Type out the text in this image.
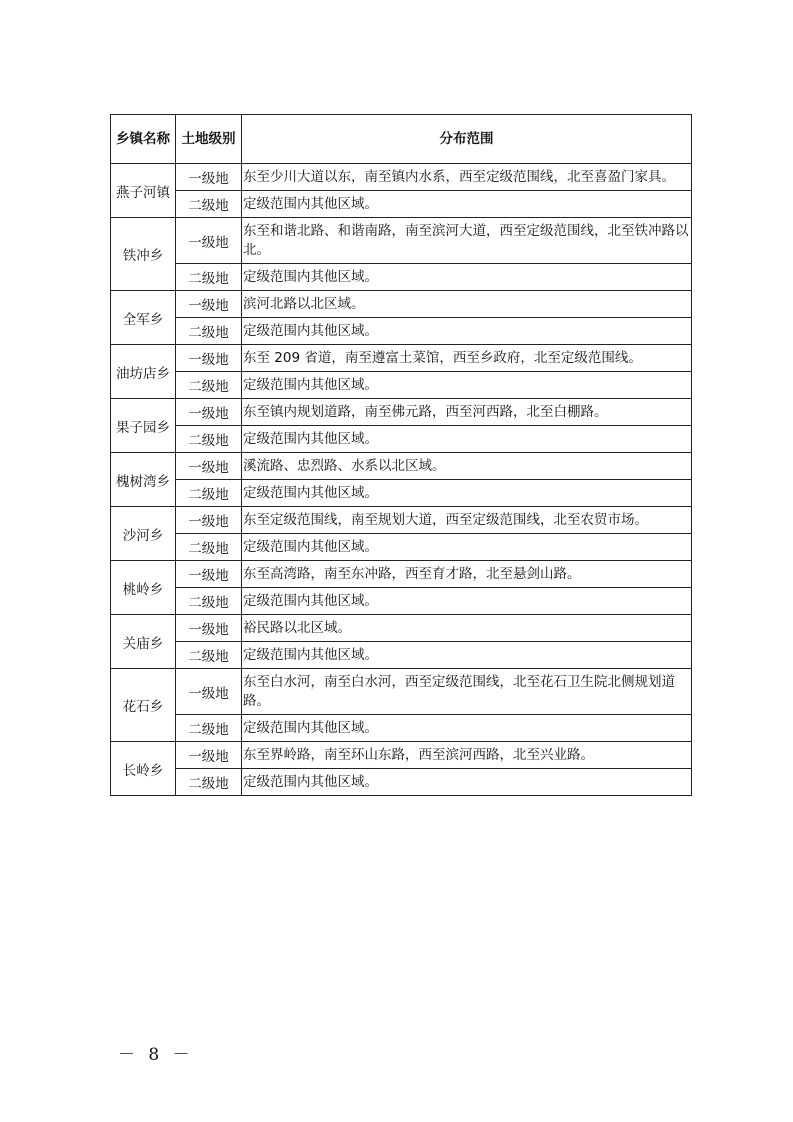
乡镇名称	土地级别	分布范围
燕子河镇	一级地	东至少川大道以东，南至镇内水系，西至定级范围线，北至喜盈门家具。
	二级地	定级范围内其他区域。
铁冲乡	一级地	东至和谐北路、和谐南路，南至滨河大道，西至定级范围线，北至铁冲路以北。
	二级地	定级范围内其他区域。
全军乡	一级地	滨河北路以北区域。
	二级地	定级范围内其他区域。
油坊店乡	一级地	东至 209 省道，南至遵富土菜馆，西至乡政府，北至定级范围线。
	二级地	定级范围内其他区域。
果子园乡	一级地	东至镇内规划道路，南至佛元路，西至河西路，北至白棚路。
	二级地	定级范围内其他区域。
槐树湾乡	一级地	溪流路、忠烈路、水系以北区域。
	二级地	定级范围内其他区域。
沙河乡	一级地	东至定级范围线，南至规划大道，西至定级范围线，北至农贸市场。
	二级地	定级范围内其他区域。
桃岭乡	一级地	东至高湾路，南至东冲路，西至育才路，北至悬剑山路。
	二级地	定级范围内其他区域。
关庙乡	一级地	裕民路以北区域。
	二级地	定级范围内其他区域。
花石乡	一级地	东至白水河，南至白水河，西至定级范围线，北至花石卫生院北侧规划道路。
	二级地	定级范围内其他区域。
长岭乡	一级地	东至界岭路，南至环山东路，西至滨河西路，北至兴业路。
	二级地	定级范围内其他区域。
－ 8 －
